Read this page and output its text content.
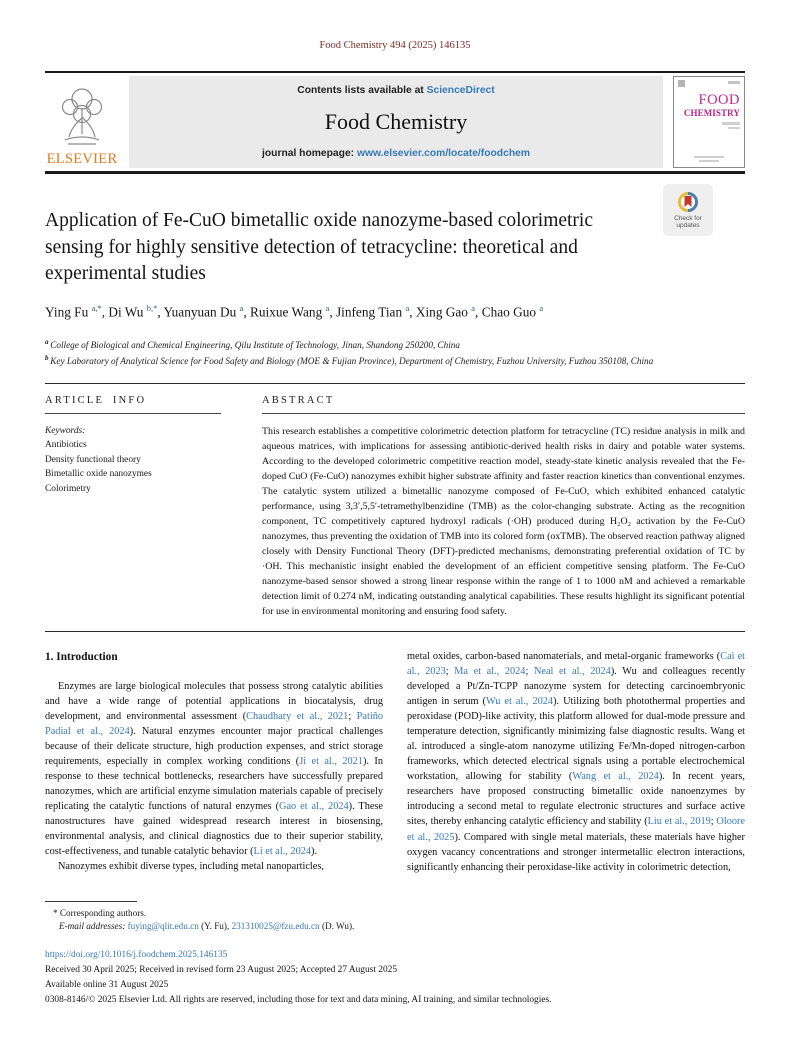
Food Chemistry 494 (2025) 146135
ELSEVIER
Contents lists available at ScienceDirect
Food Chemistry
journal homepage: www.elsevier.com/locate/foodchem
FOOD
CHEMISTRY
Application of Fe-CuO bimetallic oxide nanozyme-based colorimetric sensing for highly sensitive detection of tetracycline: theoretical and experimental studies
Check for updates
Ying Fu $^{a,*}$, Di Wu $^{b,*}$, Yuanyuan Du $^a$, Ruixue Wang $^a$, Jinfeng Tian $^a$, Xing Gao $^a$, Chao Guo $^a$
$^a$ College of Biological and Chemical Engineering, Qilu Institute of Technology, Jinan, Shandong 250200, China
$^b$ Key Laboratory of Analytical Science for Food Safety and Biology (MOE & Fujian Province), Department of Chemistry, Fuzhou University, Fuzhou 350108, China
ARTICLE INFO
Keywords:
Antibiotics
Density functional theory
Bimetallic oxide nanozymes
Colorimetry
ABSTRACT
This research establishes a competitive colorimetric detection platform for tetracycline (TC) residue analysis in milk and aqueous matrices, with implications for assessing antibiotic-derived health risks in dairy and potable water systems. According to the developed colorimetric competitive reaction model, steady-state kinetic analysis revealed that the Fe-doped CuO (Fe-CuO) nanozymes exhibit higher substrate affinity and faster reaction kinetics than conventional enzymes. The catalytic system utilized a bimetallic nanozyme composed of Fe-CuO, which exhibited enhanced catalytic performance, using 3,3′,5,5′-tetramethylbenzidine (TMB) as the color-changing substrate. Acting as the recognition component, TC competitively captured hydroxyl radicals (·OH) produced during H₂O₂ activation by the Fe-CuO nanozymes, thus preventing the oxidation of TMB into its colored form (oxTMB). The observed reaction pathway aligned closely with Density Functional Theory (DFT)-predicted mechanisms, demonstrating preferential oxidation of TC by ·OH. This mechanistic insight enabled the development of an efficient competitive sensing platform. The Fe-CuO nanozyme-based sensor showed a strong linear response within the range of 1 to 1000 nM and achieved a remarkable detection limit of 0.274 nM, indicating outstanding analytical capabilities. These results highlight its significant potential for use in environmental monitoring and ensuring food safety.
1. Introduction

Enzymes are large biological molecules that possess strong catalytic abilities and have a wide range of potential applications in biocatalysis, drug development, and environmental assessment (Chaudhary et al., 2021; Patiño Padial et al., 2024). Natural enzymes encounter major practical challenges because of their delicate structure, high production expenses, and strict storage requirements, especially in complex working conditions (Ji et al., 2021). In response to these technical bottlenecks, researchers have successfully prepared nanozymes, which are artificial enzyme simulation materials capable of precisely replicating the catalytic functions of natural enzymes (Gao et al., 2024). These nanostructures have gained widespread research interest in biosensing, environmental analysis, and clinical diagnostics due to their superior stability, cost-effectiveness, and tunable catalytic behavior (Li et al., 2024).

Nanozymes exhibit diverse types, including metal nanoparticles,

metal oxides, carbon-based nanomaterials, and metal-organic frameworks (Cai et al., 2023; Ma et al., 2024; Neal et al., 2024). Wu and colleagues recently developed a Pt/Zn-TCPP nanozyme system for detecting carcinoembryonic antigen in serum (Wu et al., 2024). Utilizing both photothermal properties and peroxidase (POD)-like activity, this platform allowed for dual-mode pressure and temperature detection, significantly minimizing false diagnostic results. Wang et al. introduced a single-atom nanozyme utilizing Fe/Mn-doped nitrogen-carbon frameworks, which detected electrical signals using a portable electrochemical workstation, allowing for stability (Wang et al., 2024). In recent years, researchers have proposed constructing bimetallic oxide nanoenzymes by introducing a second metal to regulate electronic structures and surface active sites, thereby enhancing catalytic efficiency and stability (Liu et al., 2019; Oloore et al., 2025). Compared with single metal materials, these materials have higher oxygen vacancy concentrations and stronger intermetallic electron interactions, significantly enhancing their peroxidase-like activity in colorimetric detection,

* Corresponding authors.
E-mail addresses: fuying@qlit.edu.cn (Y. Fu), 231310025@fzu.edu.cn (D. Wu).
https://doi.org/10.1016/j.foodchem.2025.146135
Received 30 April 2025; Received in revised form 23 August 2025; Accepted 27 August 2025
Available online 31 August 2025
0308-8146/© 2025 Elsevier Ltd. All rights are reserved, including those for text and data mining, AI training, and similar technologies.
